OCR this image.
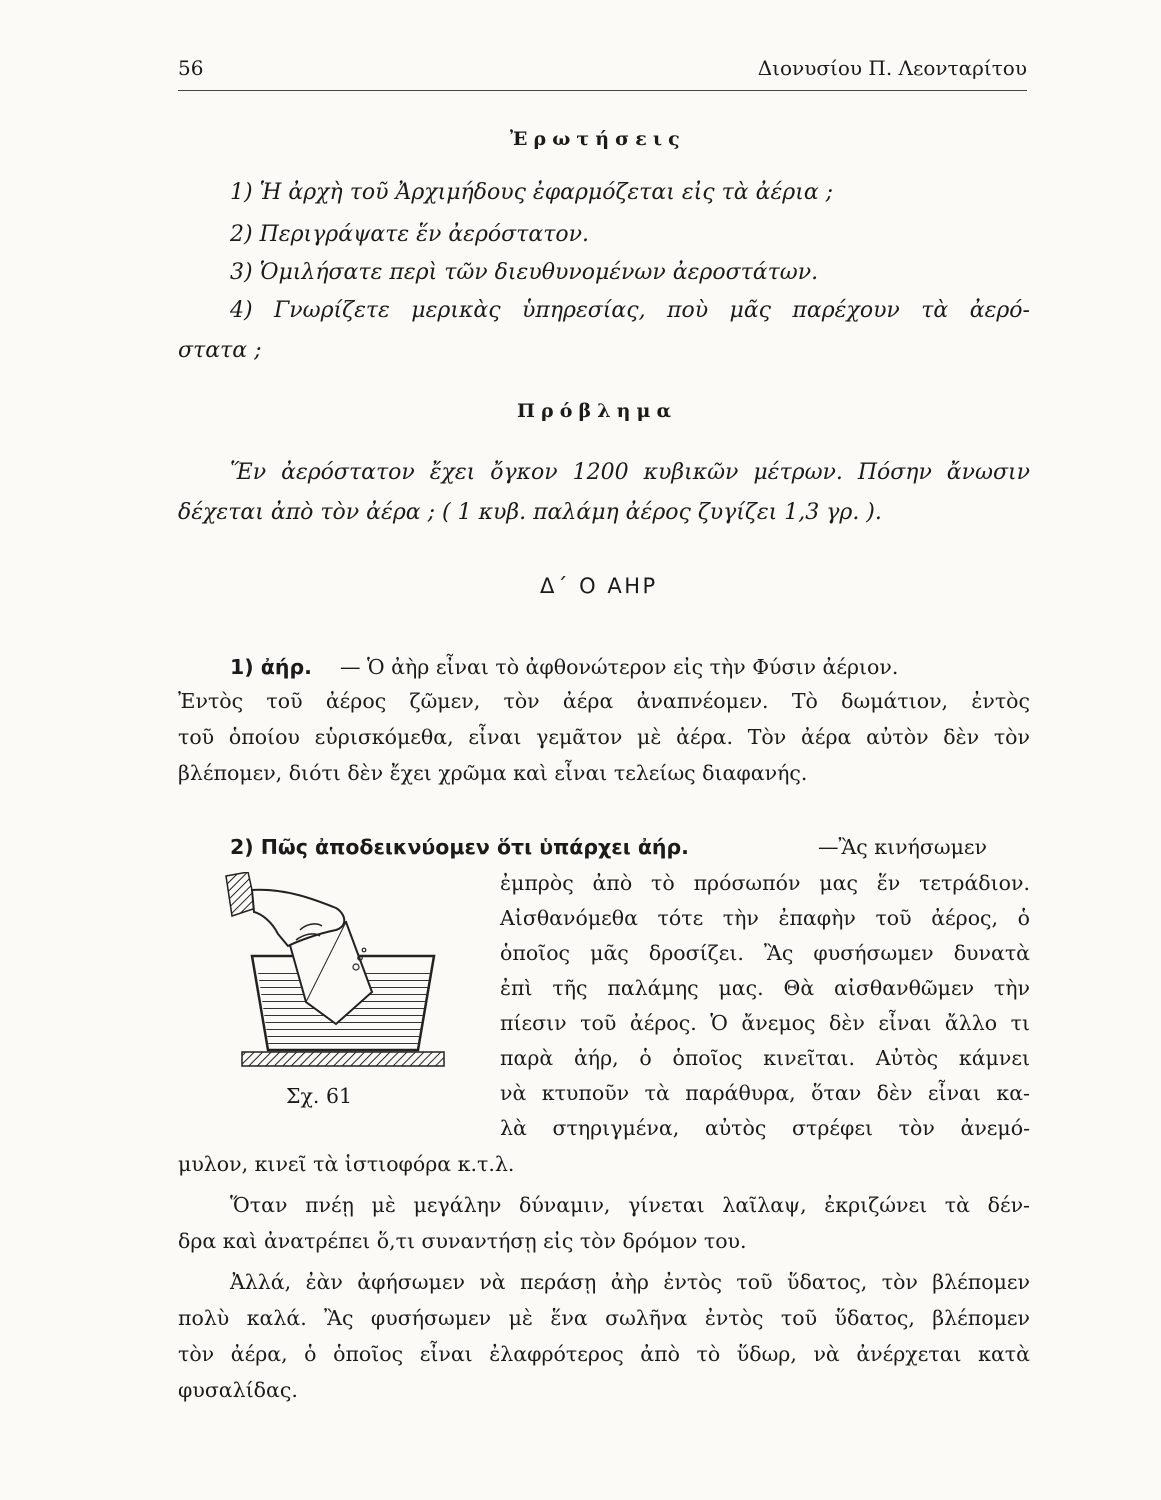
56	Διονυσίου Π. Λεονταρίτου
Ἐρωτήσεις
1) Ἡ ἀρχὴ τοῦ Ἀρχιμήδους ἐφαρμόζεται εἰς τὰ ἀέρια ;
2) Περιγράψατε ἕν ἀερόστατον.
3) Ὁμιλήσατε περὶ τῶν διευθυνομένων ἀεροστάτων.
4) Γνωρίζετε μερικὰς ὑπηρεσίας, ποὺ μᾶς παρέχουν τὰ ἀερό-
στατα ;
Πρόβλημα
Ἕν ἀερόστατον ἔχει ὄγκον 1200 κυβικῶν μέτρων. Πόσην ἄνωσιν
δέχεται ἀπὸ τὸν ἀέρα ; ( 1 κυβ. παλάμη ἀέρος ζυγίζει 1,3 γρ. ).
Δ΄ Ο ΑΗΡ
1) ἀήρ. — Ὁ ἀὴρ εἶναι τὸ ἀφθονώτερον εἰς τὴν Φύσιν ἀέριον.
Ἐντὸς τοῦ ἀέρος ζῶμεν, τὸν ἀέρα ἀναπνέομεν. Τὸ δωμάτιον, ἐντὸς
τοῦ ὁποίου εὑρισκόμεθα, εἶναι γεμᾶτον μὲ ἀέρα. Τὸν ἀέρα αὐτὸν δὲν τὸν
βλέπομεν, διότι δὲν ἔχει χρῶμα καὶ εἶναι τελείως διαφανής.
2) Πῶς ἀποδεικνύομεν ὅτι ὑπάρχει ἀήρ.	—Ἂς κινήσωμεν
ἐμπρὸς ἀπὸ τὸ πρόσωπόν μας ἕν τετράδιον.
Αἰσθανόμεθα τότε τὴν ἐπαφὴν τοῦ ἀέρος, ὁ
ὁποῖος μᾶς δροσίζει. Ἂς φυσήσωμεν δυνατὰ
ἐπὶ τῆς παλάμης μας. Θὰ αἰσθανθῶμεν τὴν
πίεσιν τοῦ ἀέρος. Ὁ ἄνεμος δὲν εἶναι ἄλλο τι
παρὰ ἀήρ, ὁ ὁποῖος κινεῖται. Αὐτὸς κάμνει
νὰ κτυποῦν τὰ παράθυρα, ὅταν δὲν εἶναι κα-
λὰ στηριγμένα, αὐτὸς στρέφει τὸν ἀνεμό-
μυλον, κινεῖ τὰ ἱστιοφόρα κ.τ.λ.
Ὅταν πνέῃ μὲ μεγάλην δύναμιν, γίνεται λαῖλαψ, ἐκριζώνει τὰ δέν-
δρα καὶ ἀνατρέπει ὅ,τι συναντήσῃ εἰς τὸν δρόμον του.
Ἀλλά, ἐὰν ἀφήσωμεν νὰ περάσῃ ἀὴρ ἐντὸς τοῦ ὕδατος, τὸν βλέπομεν
πολὺ καλά. Ἂς φυσήσωμεν μὲ ἕνα σωλῆνα ἐντὸς τοῦ ὕδατος, βλέπομεν
τὸν ἀέρα, ὁ ὁποῖος εἶναι ἐλαφρότερος ἀπὸ τὸ ὕδωρ, νὰ ἀνέρχεται κατὰ
φυσαλίδας.
Σχ. 61
